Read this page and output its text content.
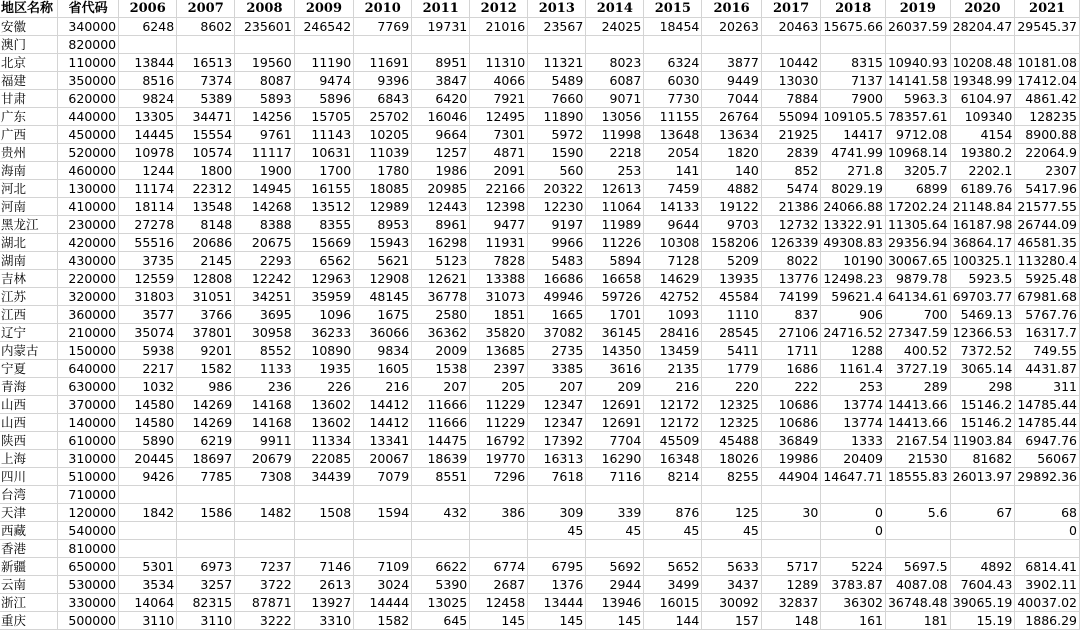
地区名称	省代码	2006	2007	2008	2009	2010	2011	2012	2013	2014	2015	2016	2017	2018	2019	2020	2021
安徽	340000	6248	8602	235601	246542	7769	19731	21016	23567	24025	18454	20263	20463	15675.66	26037.59	28204.47	29545.37
澳门	820000																
北京	110000	13844	16513	19560	11190	11691	8951	11310	11321	8023	6324	3877	10442	8315	10940.93	10208.48	10181.08
福建	350000	8516	7374	8087	9474	9396	3847	4066	5489	6087	6030	9449	13030	7137	14141.58	19348.99	17412.04
甘肃	620000	9824	5389	5893	5896	6843	6420	7921	7660	9071	7730	7044	7884	7900	5963.3	6104.97	4861.42
广东	440000	13305	34471	14256	15705	25702	16046	12495	11890	13056	11155	26764	55094	109105.5	78357.61	109340	128235
广西	450000	14445	15554	9761	11143	10205	9664	7301	5972	11998	13648	13634	21925	14417	9712.08	4154	8900.88
贵州	520000	10978	10574	11117	10631	11039	1257	4871	1590	2218	2054	1820	2839	4741.99	10968.14	19380.2	22064.9
海南	460000	1244	1800	1900	1700	1780	1986	2091	560	253	141	140	852	271.8	3205.7	2202.1	2307
河北	130000	11174	22312	14945	16155	18085	20985	22166	20322	12613	7459	4882	5474	8029.19	6899	6189.76	5417.96
河南	410000	18114	13548	14268	13512	12989	12443	12398	12230	11064	14133	19122	21386	24066.88	17202.24	21148.84	21577.55
黑龙江	230000	27278	8148	8388	8355	8953	8961	9477	9197	11989	9644	9703	12732	13322.91	11305.64	16187.98	26744.09
湖北	420000	55516	20686	20675	15669	15943	16298	11931	9966	11226	10308	158206	126339	49308.83	29356.94	36864.17	46581.35
湖南	430000	3735	2145	2293	6562	5621	5123	7828	5483	5894	7128	5209	8022	10190	30067.65	100325.1	113280.4
吉林	220000	12559	12808	12242	12963	12908	12621	13388	16686	16658	14629	13935	13776	12498.23	9879.78	5923.5	5925.48
江苏	320000	31803	31051	34251	35959	48145	36778	31073	49946	59726	42752	45584	74199	59621.4	64134.61	69703.77	67981.68
江西	360000	3577	3766	3695	1096	1675	2580	1851	1665	1701	1093	1110	837	906	700	5469.13	5767.76
辽宁	210000	35074	37801	30958	36233	36066	36362	35820	37082	36145	28416	28545	27106	24716.52	27347.59	12366.53	16317.7
内蒙古	150000	5938	9201	8552	10890	9834	2009	13685	2735	14350	13459	5411	1711	1288	400.52	7372.52	749.55
宁夏	640000	2217	1582	1133	1935	1605	1538	2397	3385	3616	2135	1779	1686	1161.4	3727.19	3065.14	4431.87
青海	630000	1032	986	236	226	216	207	205	207	209	216	220	222	253	289	298	311
山西	370000	14580	14269	14168	13602	14412	11666	11229	12347	12691	12172	12325	10686	13774	14413.66	15146.2	14785.44
山西	140000	14580	14269	14168	13602	14412	11666	11229	12347	12691	12172	12325	10686	13774	14413.66	15146.2	14785.44
陕西	610000	5890	6219	9911	11334	13341	14475	16792	17392	7704	45509	45488	36849	1333	2167.54	11903.84	6947.76
上海	310000	20445	18697	20679	22085	20067	18639	19770	16313	16290	16348	18026	19986	20409	21530	81682	56067
四川	510000	9426	7785	7308	34439	7079	8551	7296	7618	7116	8214	8255	44904	14647.71	18555.83	26013.97	29892.36
台湾	710000																
天津	120000	1842	1586	1482	1508	1594	432	386	309	339	876	125	30	0	5.6	67	68
西藏	540000								45	45	45	45		0			0
香港	810000																
新疆	650000	5301	6973	7237	7146	7109	6622	6774	6795	5692	5652	5633	5717	5224	5697.5	4892	6814.41
云南	530000	3534	3257	3722	2613	3024	5390	2687	1376	2944	3499	3437	1289	3783.87	4087.08	7604.43	3902.11
浙江	330000	14064	82315	87871	13927	14444	13025	12458	13444	13946	16015	30092	32837	36302	36748.48	39065.19	40037.02
重庆	500000	3110	3110	3222	3310	1582	645	145	145	145	144	157	148	161	181	15.19	1886.29
